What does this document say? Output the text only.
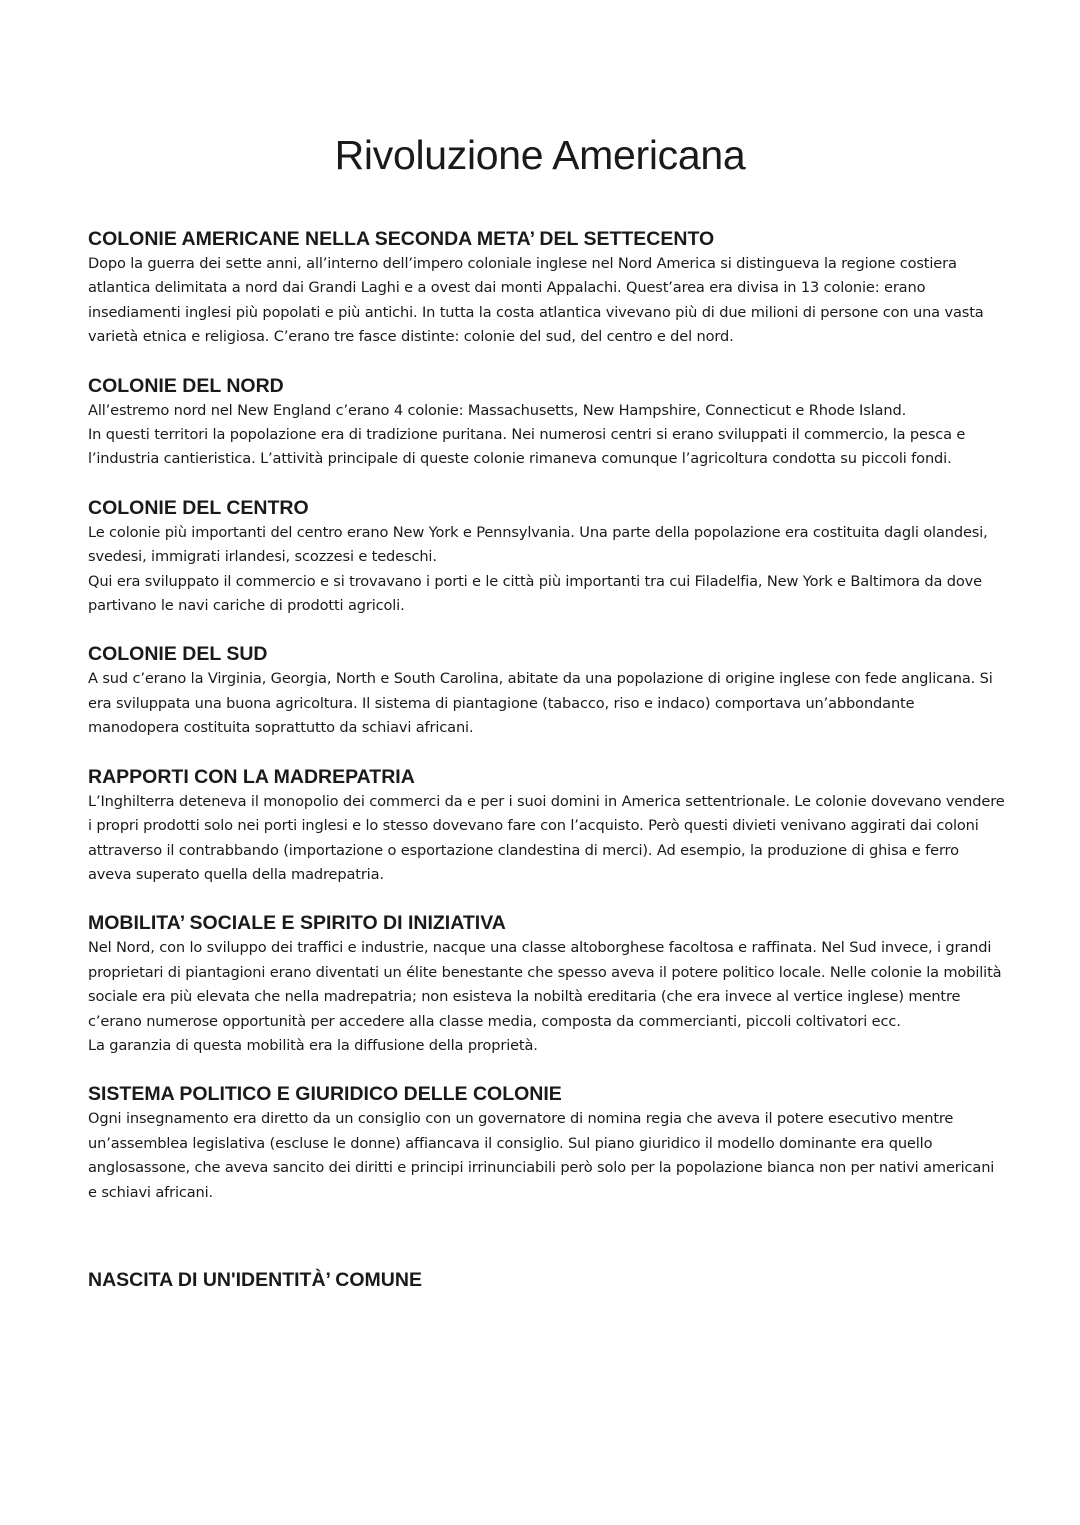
Rivoluzione Americana
COLONIE AMERICANE NELLA SECONDA META’ DEL SETTECENTO

Dopo la guerra dei sette anni, all’interno dell’impero coloniale inglese nel Nord America si distingueva la regione costiera atlantica delimitata a nord dai Grandi Laghi e a ovest dai monti Appalachi. Quest’area era divisa in 13 colonie: erano insediamenti inglesi più popolati e più antichi. In tutta la costa atlantica vivevano più di due milioni di persone con una vasta varietà etnica e religiosa. C’erano tre fasce distinte: colonie del sud, del centro e del nord.

COLONIE DEL NORD

All’estremo nord nel New England c’erano 4 colonie: Massachusetts, New Hampshire, Connecticut e Rhode Island.

In questi territori la popolazione era di tradizione puritana. Nei numerosi centri si erano sviluppati il commercio, la pesca e l’industria cantieristica. L’attività principale di queste colonie rimaneva comunque l’agricoltura condotta su piccoli fondi.

COLONIE DEL CENTRO

Le colonie più importanti del centro erano New York e Pennsylvania. Una parte della popolazione era costituita dagli olandesi, svedesi, immigrati irlandesi, scozzesi e tedeschi.

Qui era sviluppato il commercio e si trovavano i porti e le città più importanti tra cui Filadelfia, New York e Baltimora da dove partivano le navi cariche di prodotti agricoli.

COLONIE DEL SUD

A sud c’erano la Virginia, Georgia, North e South Carolina, abitate da una popolazione di origine inglese con fede anglicana. Si era sviluppata una buona agricoltura. Il sistema di piantagione (tabacco, riso e indaco) comportava un’abbondante manodopera costituita soprattutto da schiavi africani.

RAPPORTI CON LA MADREPATRIA

L’Inghilterra deteneva il monopolio dei commerci da e per i suoi domini in America settentrionale. Le colonie dovevano vendere i propri prodotti solo nei porti inglesi e lo stesso dovevano fare con l’acquisto. Però questi divieti venivano aggirati dai coloni attraverso il contrabbando (importazione o esportazione clandestina di merci). Ad esempio, la produzione di ghisa e ferro aveva superato quella della madrepatria.

MOBILITA’ SOCIALE E SPIRITO DI INIZIATIVA

Nel Nord, con lo sviluppo dei traffici e industrie, nacque una classe altoborghese facoltosa e raffinata. Nel Sud invece, i grandi proprietari di piantagioni erano diventati un élite benestante che spesso aveva il potere politico locale. Nelle colonie la mobilità sociale era più elevata che nella madrepatria; non esisteva la nobiltà ereditaria (che era invece al vertice inglese) mentre c’erano numerose opportunità per accedere alla classe media, composta da commercianti, piccoli coltivatori ecc.

La garanzia di questa mobilità era la diffusione della proprietà.

SISTEMA POLITICO E GIURIDICO DELLE COLONIE

Ogni insegnamento era diretto da un consiglio con un governatore di nomina regia che aveva il potere esecutivo mentre un’assemblea legislativa (escluse le donne) affiancava il consiglio. Sul piano giuridico il modello dominante era quello anglosassone, che aveva sancito dei diritti e principi irrinunciabili però solo per la popolazione bianca non per nativi americani e schiavi africani.

NASCITA DI UN'IDENTITÀ’ COMUNE
